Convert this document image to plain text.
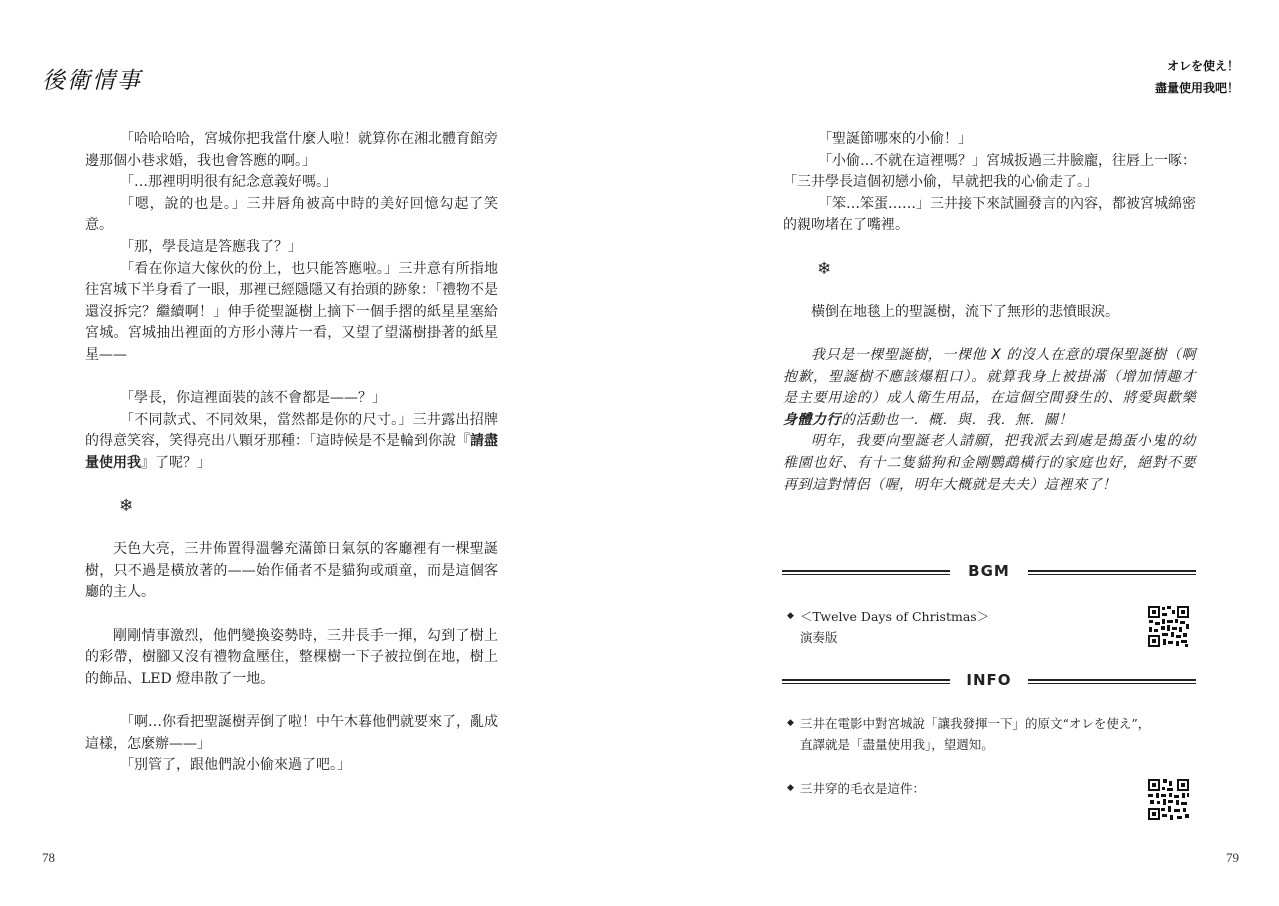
後衛情事

「哈哈哈哈，宮城你把我當什麼人啦！就算你在湘北體育館旁邊那個小巷求婚，我也會答應的啊。」

「…那裡明明很有紀念意義好嗎。」

「嗯，說的也是。」三井唇角被高中時的美好回憶勾起了笑意。

「那，學長這是答應我了？」

「看在你這大傢伙的份上，也只能答應啦。」三井意有所指地往宮城下半身看了一眼，那裡已經隱隱又有抬頭的跡象：「禮物不是還沒拆完？繼續啊！」伸手從聖誕樹上摘下一個手摺的紙星星塞給宮城。宮城抽出裡面的方形小薄片一看，又望了望滿樹掛著的紙星星——

「學長，你這裡面裝的該不會都是——？」

「不同款式、不同效果，當然都是你的尺寸。」三井露出招牌的得意笑容，笑得亮出八顆牙那種：「這時候是不是輪到你說『請盡量使用我』了呢？」

❄

天色大亮，三井佈置得溫馨充滿節日氣氛的客廳裡有一棵聖誕樹，只不過是橫放著的——始作俑者不是貓狗或頑童，而是這個客廳的主人。

剛剛情事激烈，他們變換姿勢時，三井長手一揮，勾到了樹上的彩帶，樹腳又沒有禮物盒壓住，整棵樹一下子被拉倒在地，樹上的飾品、LED 燈串散了一地。

「啊…你看把聖誕樹弄倒了啦！中午木暮他們就要來了，亂成這樣，怎麼辦——」

「別管了，跟他們說小偷來過了吧。」

78
オレを使え！
盡量使用我吧！

「聖誕節哪來的小偷！」

「小偷…不就在這裡嗎？」宮城扳過三井臉龐，往唇上一啄：「三井學長這個初戀小偷，早就把我的心偷走了。」

「笨…笨蛋……」三井接下來試圖發言的內容，都被宮城綿密的親吻堵在了嘴裡。

❄

橫倒在地毯上的聖誕樹，流下了無形的悲憤眼淚。

我只是一棵聖誕樹，一棵他 X 的沒人在意的環保聖誕樹（啊抱歉，聖誕樹不應該爆粗口）。就算我身上被掛滿（增加情趣才是主要用途的）成人衛生用品，在這個空間發生的、將愛與歡樂身體力行的活動也一．概．與．我．無．關！

明年，我要向聖誕老人請願，把我派去到處是搗蛋小鬼的幼稚園也好、有十二隻貓狗和金剛鸚鵡橫行的家庭也好，絕對不要再到這對情侶（喔，明年大概就是夫夫）這裡來了！

BGM
◆ ＜Twelve Days of Christmas＞
演奏版
INFO
◆ 三井在電影中對宮城說「讓我發揮一下」的原文“オレを使え”，
直譯就是「盡量使用我」，望週知。
◆ 三井穿的毛衣是這件：
79
